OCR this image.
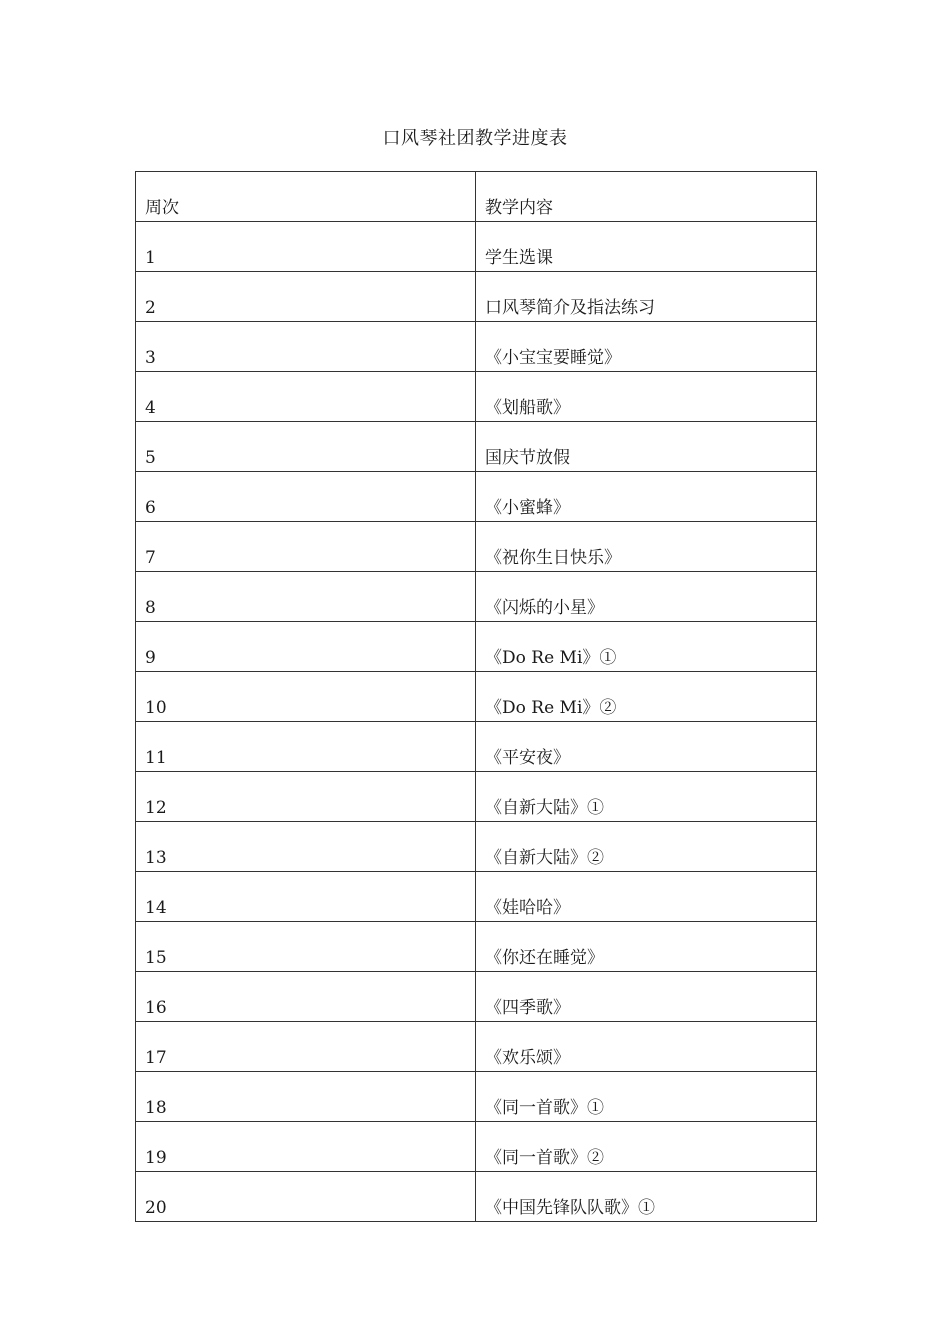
口风琴社团教学进度表
周次	教学内容
1	学生选课
2	口风琴简介及指法练习
3	《小宝宝要睡觉》
4	《划船歌》
5	国庆节放假
6	《小蜜蜂》
7	《祝你生日快乐》
8	《闪烁的小星》
9	《Do Re Mi》①
10	《Do Re Mi》②
11	《平安夜》
12	《自新大陆》①
13	《自新大陆》②
14	《娃哈哈》
15	《你还在睡觉》
16	《四季歌》
17	《欢乐颂》
18	《同一首歌》①
19	《同一首歌》②
20	《中国先锋队队歌》①
